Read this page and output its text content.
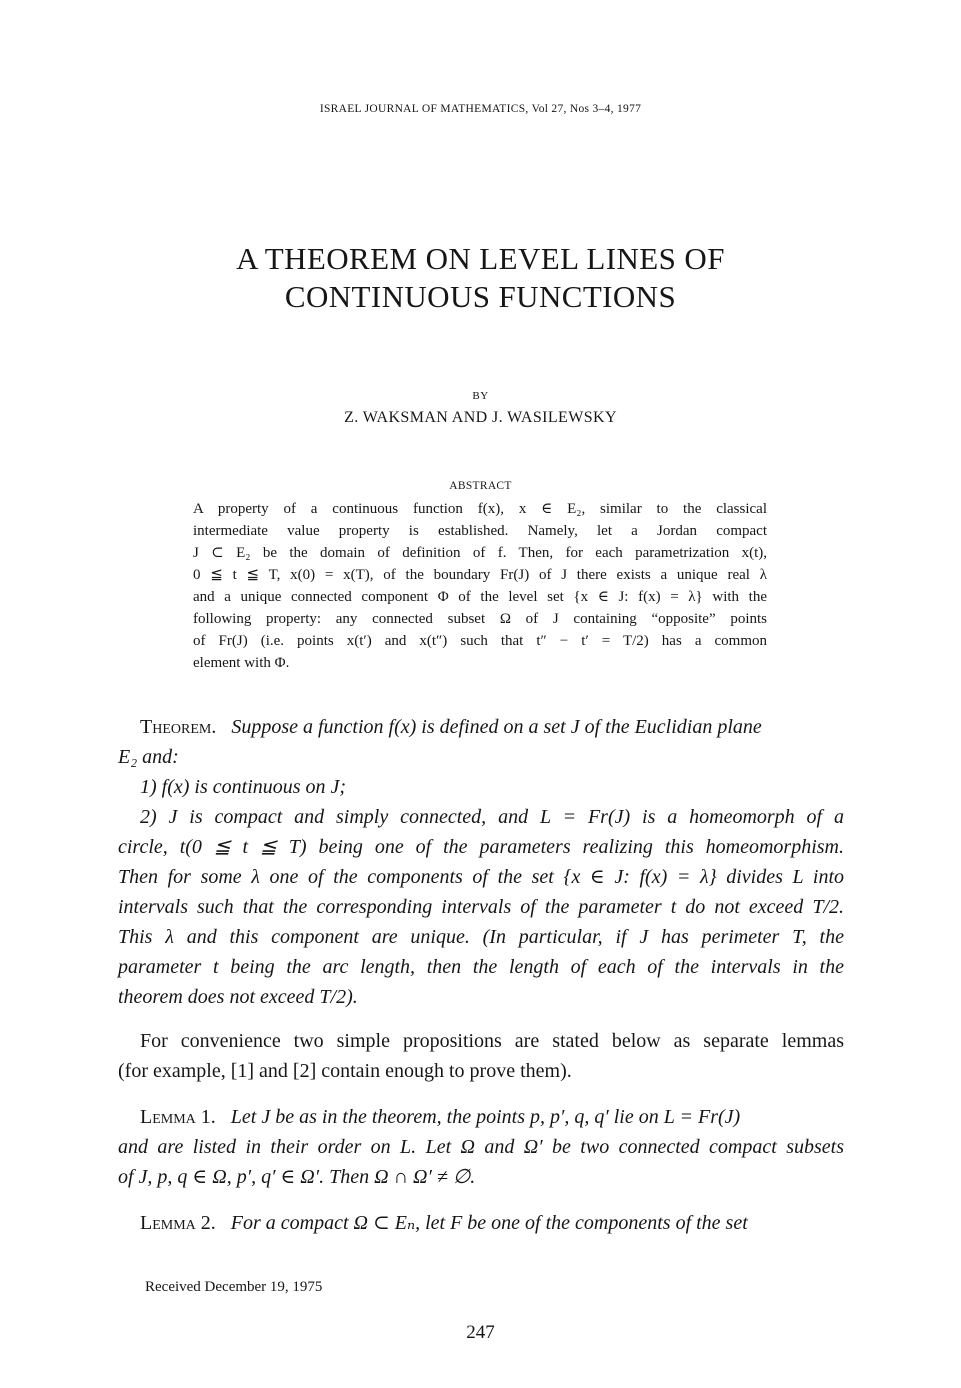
ISRAEL JOURNAL OF MATHEMATICS, Vol 27, Nos 3–4, 1977
A THEOREM ON LEVEL LINES OF
CONTINUOUS FUNCTIONS
BY
Z. WAKSMAN AND J. WASILEWSKY
ABSTRACT
A property of a continuous function f(x), x ∈ E₂, similar to the classical
intermediate value property is established. Namely, let a Jordan compact
J ⊂ E₂ be the domain of definition of f. Then, for each parametrization x(t),
0 ≦ t ≦ T, x(0) = x(T), of the boundary Fr(J) of J there exists a unique real λ
and a unique connected component Φ of the level set {x ∈ J: f(x) = λ} with the
following property: any connected subset Ω of J containing “opposite” points
of Fr(J) (i.e. points x(t′) and x(t″) such that t″ − t′ = T/2) has a common
element with Φ.
Theorem. Suppose a function f(x) is defined on a set J of the Euclidian plane
E₂ and:
1) f(x) is continuous on J;
2) J is compact and simply connected, and L = Fr(J) is a homeomorph of a
circle, t(0 ≦ t ≦ T) being one of the parameters realizing this homeomorphism.
Then for some λ one of the components of the set {x ∈ J: f(x) = λ} divides L into
intervals such that the corresponding intervals of the parameter t do not exceed T/2.
This λ and this component are unique. (In particular, if J has perimeter T, the
parameter t being the arc length, then the length of each of the intervals in the
theorem does not exceed T/2).
For convenience two simple propositions are stated below as separate lemmas
(for example, [1] and [2] contain enough to prove them).
Lemma 1. Let J be as in the theorem, the points p, p′, q, q′ lie on L = Fr(J)
and are listed in their order on L. Let Ω and Ω′ be two connected compact subsets
of J, p, q ∈ Ω, p′, q′ ∈ Ω′. Then Ω ∩ Ω′ ≠ ∅.
Lemma 2. For a compact Ω ⊂ Eₙ, let F be one of the components of the set
Received December 19, 1975
247
